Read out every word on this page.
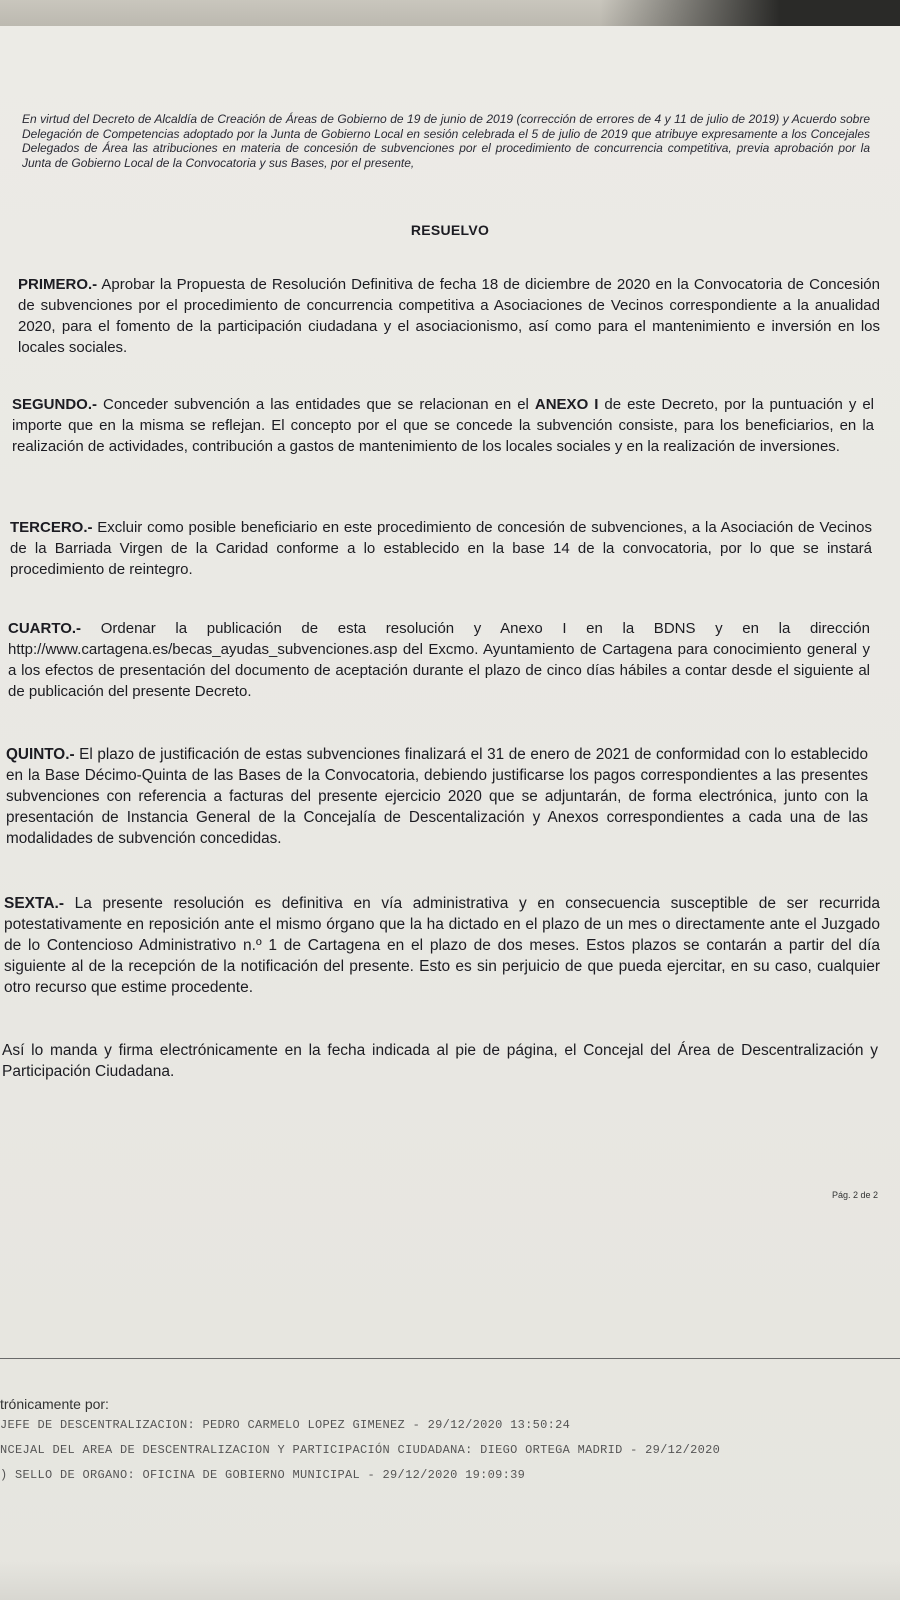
En virtud del Decreto de Alcaldía de Creación de Áreas de Gobierno de 19 de junio de 2019 (corrección de errores de 4 y 11 de julio de 2019) y Acuerdo sobre Delegación de Competencias adoptado por la Junta de Gobierno Local en sesión celebrada el 5 de julio de 2019 que atribuye expresamente a los Concejales Delegados de Área las atribuciones en materia de concesión de subvenciones por el procedimiento de concurrencia competitiva, previa aprobación por la Junta de Gobierno Local de la Convocatoria y sus Bases, por el presente,
RESUELVO
PRIMERO.- Aprobar la Propuesta de Resolución Definitiva de fecha 18 de diciembre de 2020 en la Convocatoria de Concesión de subvenciones por el procedimiento de concurrencia competitiva a Asociaciones de Vecinos correspondiente a la anualidad 2020, para el fomento de la participación ciudadana y el asociacionismo, así como para el mantenimiento e inversión en los locales sociales.
SEGUNDO.- Conceder subvención a las entidades que se relacionan en el ANEXO I de este Decreto, por la puntuación y el importe que en la misma se reflejan. El concepto por el que se concede la subvención consiste, para los beneficiarios, en la realización de actividades, contribución a gastos de mantenimiento de los locales sociales y en la realización de inversiones.
TERCERO.- Excluir como posible beneficiario en este procedimiento de concesión de subvenciones, a la Asociación de Vecinos de la Barriada Virgen de la Caridad conforme a lo establecido en la base 14 de la convocatoria, por lo que se instará procedimiento de reintegro.
CUARTO.- Ordenar la publicación de esta resolución y Anexo I en la BDNS y en la dirección http://www.cartagena.es/becas_ayudas_subvenciones.asp del Excmo. Ayuntamiento de Cartagena para conocimiento general y a los efectos de presentación del documento de aceptación durante el plazo de cinco días hábiles a contar desde el siguiente al de publicación del presente Decreto.
QUINTO.- El plazo de justificación de estas subvenciones finalizará el 31 de enero de 2021 de conformidad con lo establecido en la Base Décimo-Quinta de las Bases de la Convocatoria, debiendo justificarse los pagos correspondientes a las presentes subvenciones con referencia a facturas del presente ejercicio 2020 que se adjuntarán, de forma electrónica, junto con la presentación de Instancia General de la Concejalía de Descentalización y Anexos correspondientes a cada una de las modalidades de subvención concedidas.
SEXTA.- La presente resolución es definitiva en vía administrativa y en consecuencia susceptible de ser recurrida potestativamente en reposición ante el mismo órgano que la ha dictado en el plazo de un mes o directamente ante el Juzgado de lo Contencioso Administrativo n.º 1 de Cartagena en el plazo de dos meses. Estos plazos se contarán a partir del día siguiente al de la recepción de la notificación del presente. Esto es sin perjuicio de que pueda ejercitar, en su caso, cualquier otro recurso que estime procedente.
Así lo manda y firma electrónicamente en la fecha indicada al pie de página, el Concejal del Área de Descentralización y Participación Ciudadana.
Pág. 2 de 2
trónicamente por:
JEFE DE DESCENTRALIZACION: PEDRO CARMELO LOPEZ GIMENEZ - 29/12/2020 13:50:24
NCEJAL DEL AREA DE DESCENTRALIZACION Y PARTICIPACIÓN CIUDADANA: DIEGO ORTEGA MADRID - 29/12/2020
) SELLO DE ORGANO: OFICINA DE GOBIERNO MUNICIPAL - 29/12/2020 19:09:39
